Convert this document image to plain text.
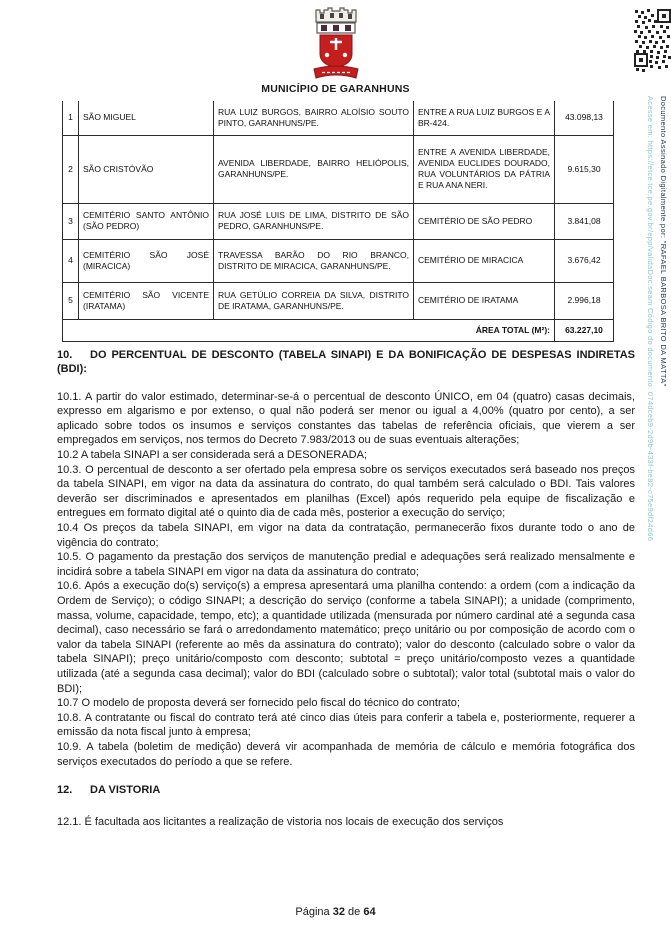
MUNICÍPIO DE GARANHUNS
Documento Assinado Digitalmente por: "RAFAEL BARBOSA BRITO DA MATTA"
Acesse em: https://etce.tce.pe.gov.br/epp/validaDoc.seam Código do documento: 074dceb9-2d9b-433f-be82-c75e9df24d66
1	SÃO MIGUEL	RUA LUIZ BURGOS, BAIRRO ALOÍSIO SOUTO PINTO, GARANHUNS/PE.	ENTRE A RUA LUIZ BURGOS E A BR-424.	43.098,13
2	SÃO CRISTÓVÃO	AVENIDA LIBERDADE, BAIRRO HELIÓPOLIS, GARANHUNS/PE.	ENTRE A AVENIDA LIBERDADE, AVENIDA EUCLIDES DOURADO, RUA VOLUNTÁRIOS DA PÁTRIA E RUA ANA NERI.	9.615,30
3	CEMITÉRIO SANTO ANTÔNIO (SÃO PEDRO)	RUA JOSÉ LUIS DE LIMA, DISTRITO DE SÃO PEDRO, GARANHUNS/PE.	CEMITÉRIO DE SÃO PEDRO	3.841,08
4	CEMITÉRIO SÃO JOSÉ (MIRACICA)	TRAVESSA BARÃO DO RIO BRANCO, DISTRITO DE MIRACICA, GARANHUNS/PE.	CEMITÉRIO DE MIRACICA	3.676,42
5	CEMITÉRIO SÃO VICENTE (IRATAMA)	RUA GETÚLIO CORREIA DA SILVA, DISTRITO DE IRATAMA, GARANHUNS/PE.	CEMITÉRIO DE IRATAMA	2.996,18
ÁREA TOTAL (M²):				63.227,10

10. DO PERCENTUAL DE DESCONTO (TABELA SINAPI) E DA BONIFICAÇÃO DE DESPESAS INDIRETAS (BDI):

10.1. A partir do valor estimado, determinar-se-á o percentual de desconto ÚNICO, em 04 (quatro) casas decimais, expresso em algarismo e por extenso, o qual não poderá ser menor ou igual a 4,00% (quatro por cento), a ser aplicado sobre todos os insumos e serviços constantes das tabelas de referência oficiais, que vierem a ser empregados em serviços, nos termos do Decreto 7.983/2013 ou de suas eventuais alterações;

10.2 A tabela SINAPI a ser considerada será a DESONERADA;

10.3. O percentual de desconto a ser ofertado pela empresa sobre os serviços executados será baseado nos preços da tabela SINAPI, em vigor na data da assinatura do contrato, do qual também será calculado o BDI. Tais valores deverão ser discriminados e apresentados em planilhas (Excel) após requerido pela equipe de fiscalização e entregues em formato digital até o quinto dia de cada mês, posterior a execução do serviço;

10.4 Os preços da tabela SINAPI, em vigor na data da contratação, permanecerão fixos durante todo o ano de vigência do contrato;

10.5. O pagamento da prestação dos serviços de manutenção predial e adequações será realizado mensalmente e incidirá sobre a tabela SINAPI em vigor na data da assinatura do contrato;

10.6. Após a execução do(s) serviço(s) a empresa apresentará uma planilha contendo: a ordem (com a indicação da Ordem de Serviço); o código SINAPI; a descrição do serviço (conforme a tabela SINAPI); a unidade (comprimento, massa, volume, capacidade, tempo, etc); a quantidade utilizada (mensurada por número cardinal até a segunda casa decimal), caso necessário se fará o arredondamento matemático; preço unitário ou por composição de acordo com o valor da tabela SINAPI (referente ao mês da assinatura do contrato); valor do desconto (calculado sobre o valor da tabela SINAPI); preço unitário/composto com desconto; subtotal = preço unitário/composto vezes a quantidade utilizada (até a segunda casa decimal); valor do BDI (calculado sobre o subtotal); valor total (subtotal mais o valor do BDI);

10.7 O modelo de proposta deverá ser fornecido pelo fiscal do técnico do contrato;

10.8. A contratante ou fiscal do contrato terá até cinco dias úteis para conferir a tabela e, posteriormente, requerer a emissão da nota fiscal junto à empresa;

10.9. A tabela (boletim de medição) deverá vir acompanhada de memória de cálculo e memória fotográfica dos serviços executados do período a que se refere.

12. DA VISTORIA

12.1. É facultada aos licitantes a realização de vistoria nos locais de execução dos serviços

Página 32 de 64
